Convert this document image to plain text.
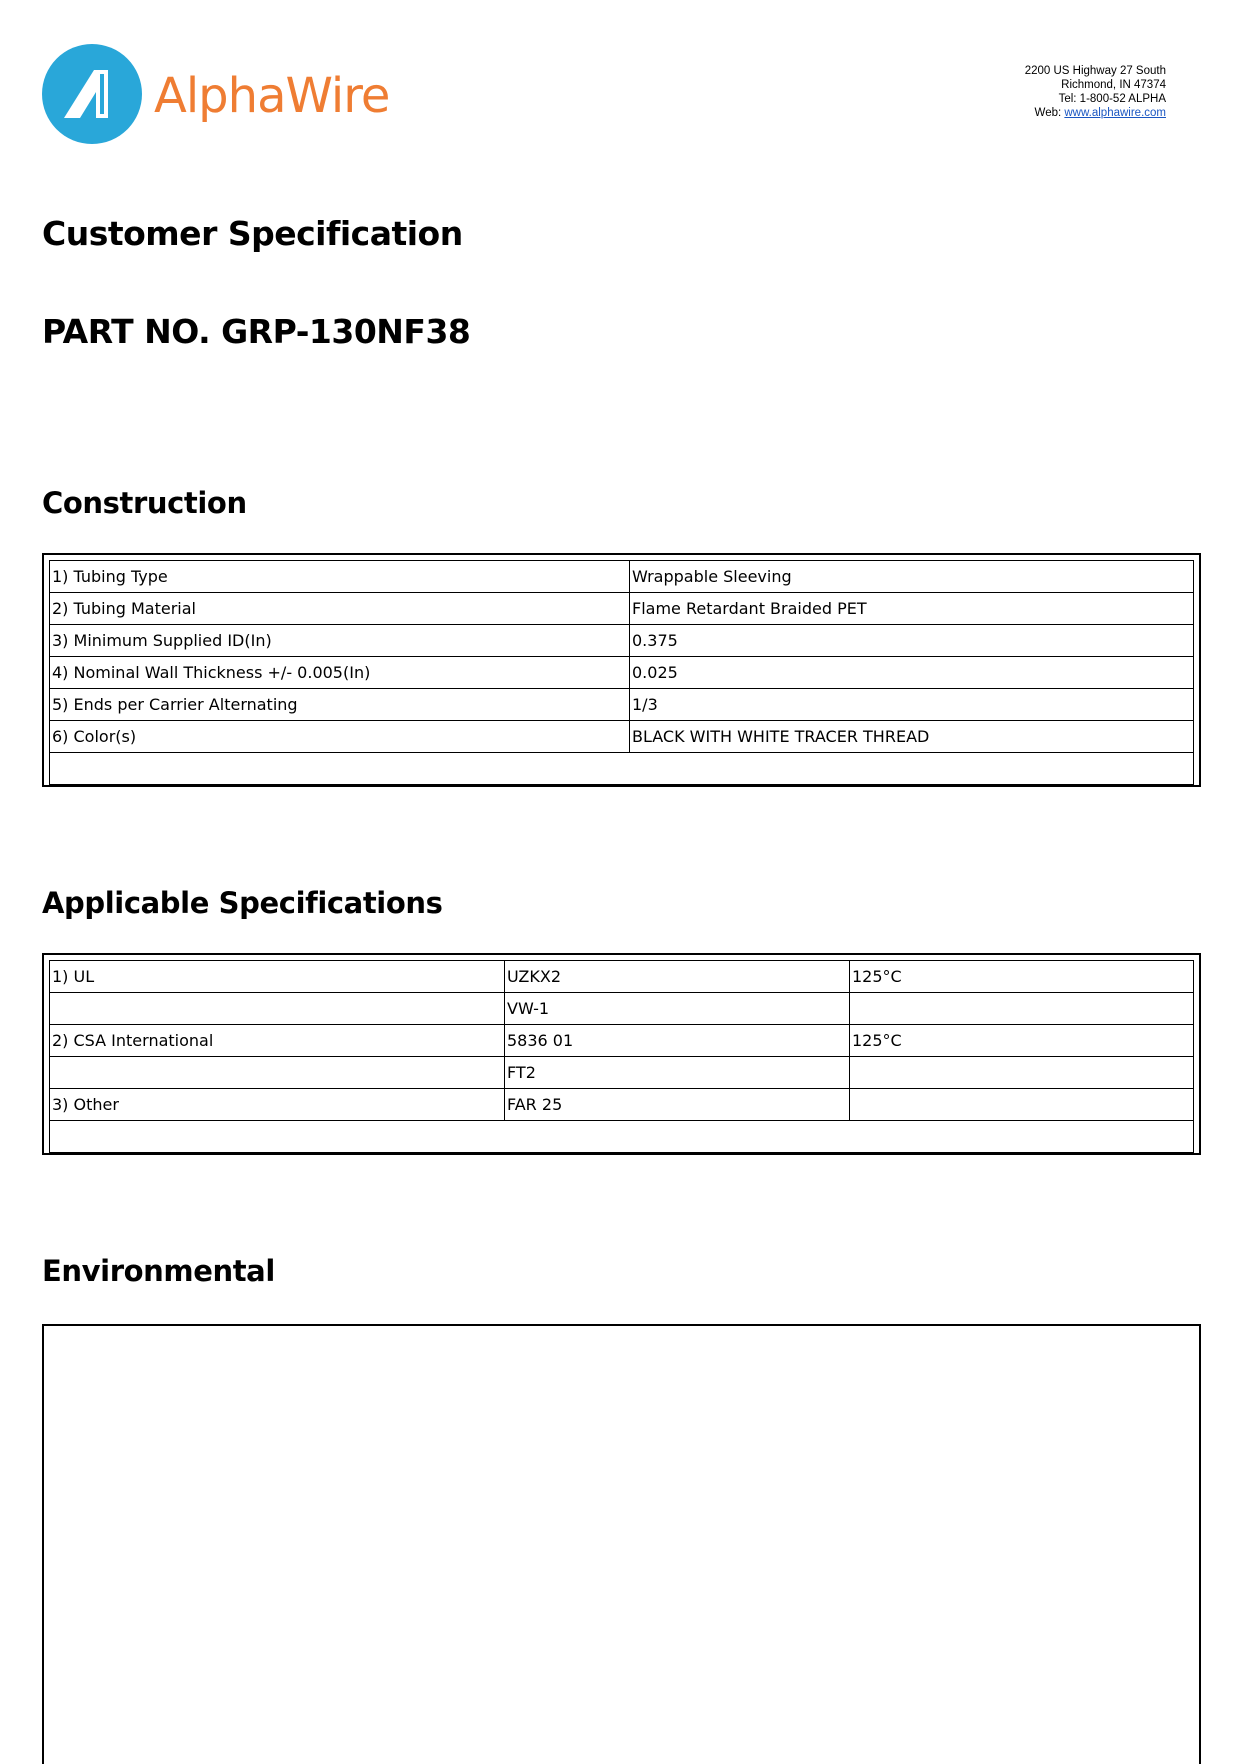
AlphaWire	2200 US Highway 27 South
Richmond, IN 47374
Tel: 1-800-52 ALPHA
Web: www.alphawire.com
Customer Specification
PART NO. GRP-130NF38
Construction
1) Tubing Type	Wrappable Sleeving
2) Tubing Material	Flame Retardant Braided PET
3) Minimum Supplied ID(In)	0.375
4) Nominal Wall Thickness +/- 0.005(In)	0.025
5) Ends per Carrier Alternating	1/3
6) Color(s)	BLACK WITH WHITE TRACER THREAD

Applicable Specifications
1) UL	UZKX2	125°C
	VW-1	
2) CSA International	5836 01	125°C
	FT2	
3) Other	FAR 25	

Environmental
